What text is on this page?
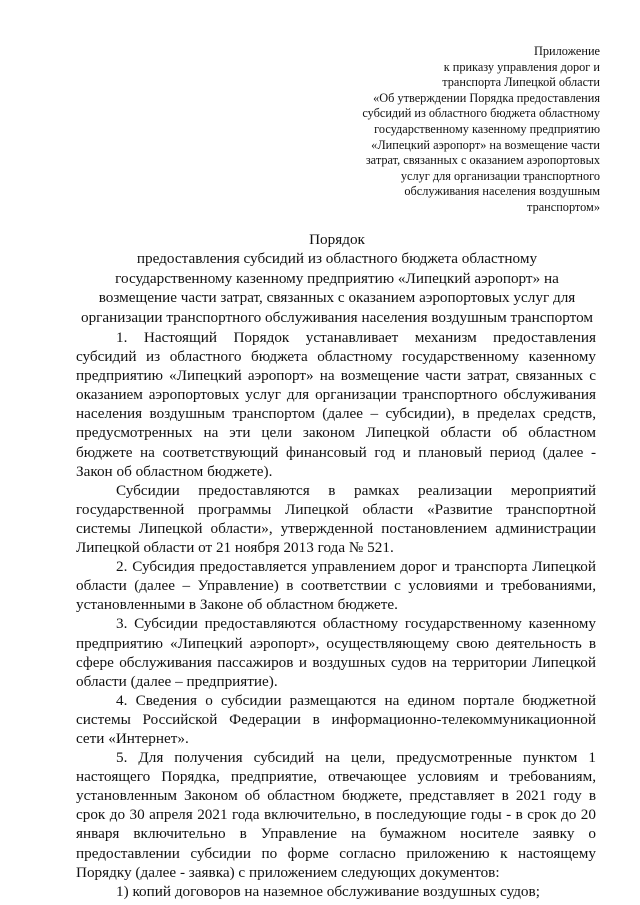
Приложение
к приказу управления дорог и
транспорта Липецкой области
«Об утверждении Порядка предоставления
субсидий из областного бюджета областному
государственному казенному предприятию
«Липецкий аэропорт» на возмещение части
затрат, связанных с оказанием аэропортовых
услуг для организации транспортного
обслуживания населения воздушным
транспортом»
Порядок
предоставления субсидий из областного бюджета областному
государственному казенному предприятию «Липецкий аэропорт» на
возмещение части затрат, связанных с оказанием аэропортовых услуг для
организации транспортного обслуживания населения воздушным транспортом

1. Настоящий Порядок устанавливает механизм предоставления субсидий из областного бюджета областному государственному казенному предприятию «Липецкий аэропорт» на возмещение части затрат, связанных с оказанием аэропортовых услуг для организации транспортного обслуживания населения воздушным транспортом (далее – субсидии), в пределах средств, предусмотренных на эти цели законом Липецкой области об областном бюджете на соответствующий финансовый год и плановый период (далее - Закон об областном бюджете).

Субсидии предоставляются в рамках реализации мероприятий государственной программы Липецкой области «Развитие транспортной системы Липецкой области», утвержденной постановлением администрации Липецкой области от 21 ноября 2013 года № 521.

2. Субсидия предоставляется управлением дорог и транспорта Липецкой области (далее – Управление) в соответствии с условиями и требованиями, установленными в Законе об областном бюджете.

3. Субсидии предоставляются областному государственному казенному предприятию «Липецкий аэропорт», осуществляющему свою деятельность в сфере обслуживания пассажиров и воздушных судов на территории Липецкой области (далее – предприятие).

4. Сведения о субсидии размещаются на едином портале бюджетной системы Российской Федерации в информационно-телекоммуникационной сети «Интернет».

5. Для получения субсидий на цели, предусмотренные пунктом 1 настоящего Порядка, предприятие, отвечающее условиям и требованиям, установленным Законом об областном бюджете, представляет в 2021 году в срок до 30 апреля 2021 года включительно, в последующие годы - в срок до 20 января включительно в Управление на бумажном носителе заявку о предоставлении субсидии по форме согласно приложению к настоящему Порядку (далее - заявка) с приложением следующих документов:

1) копий договоров на наземное обслуживание воздушных судов;
